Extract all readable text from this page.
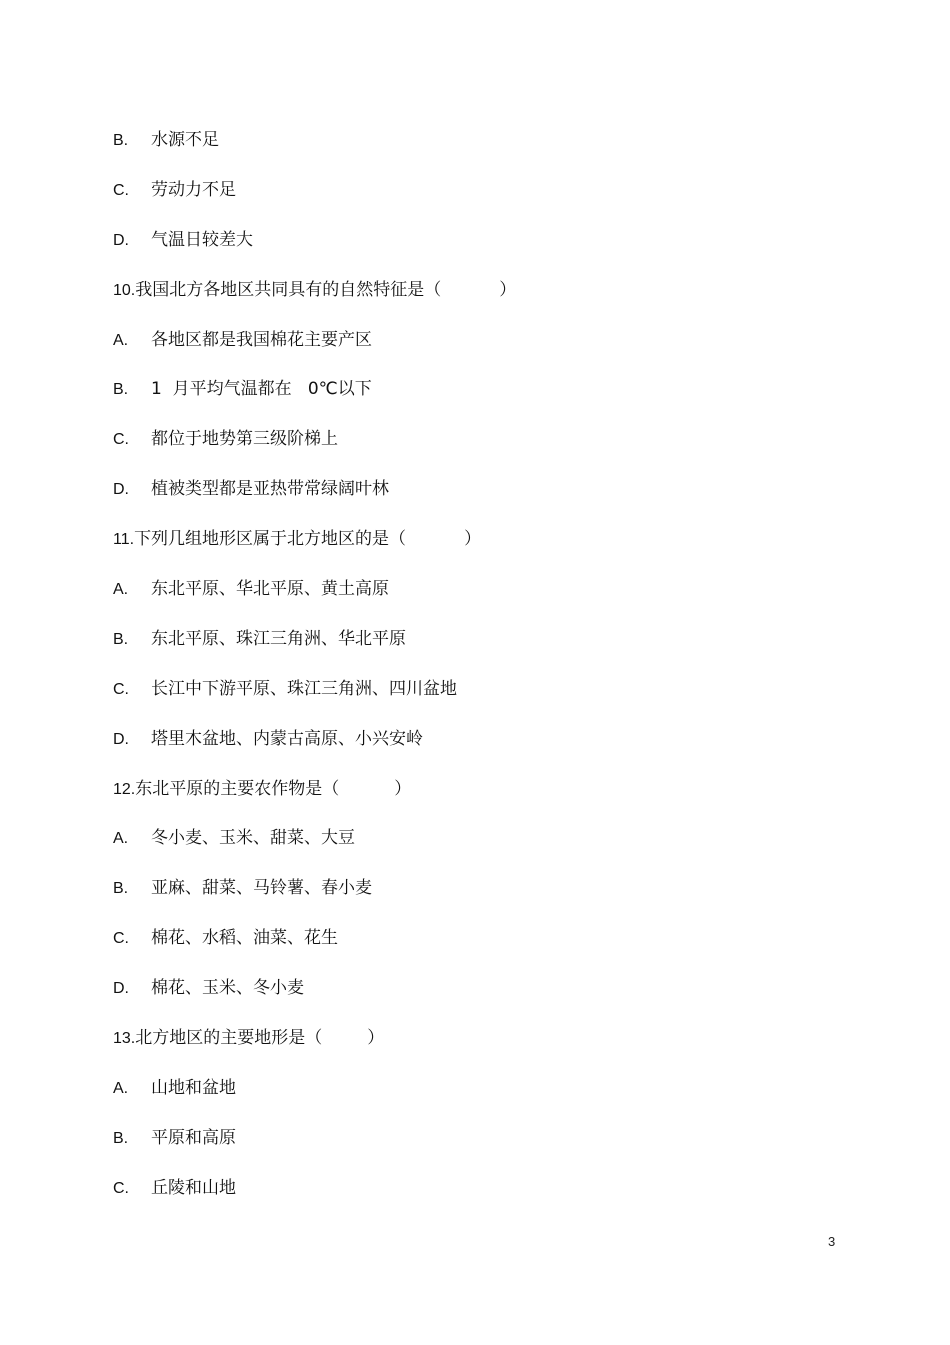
B. 水源不足
C. 劳动力不足
D. 气温日较差大
10.我国北方各地区共同具有的自然特征是（	）
A. 各地区都是我国棉花主要产区
B. 1  月平均气温都在   0℃以下
C. 都位于地势第三级阶梯上
D. 植被类型都是亚热带常绿阔叶林
11.下列几组地形区属于北方地区的是（	）
A. 东北平原、华北平原、黄土高原
B. 东北平原、珠江三角洲、华北平原
C. 长江中下游平原、珠江三角洲、四川盆地
D. 塔里木盆地、内蒙古高原、小兴安岭
12.东北平原的主要农作物是（	）
A. 冬小麦、玉米、甜菜、大豆
B. 亚麻、甜菜、马铃薯、春小麦
C. 棉花、水稻、油菜、花生
D. 棉花、玉米、冬小麦
13.北方地区的主要地形是（	）
A. 山地和盆地
B. 平原和高原
C. 丘陵和山地
3
